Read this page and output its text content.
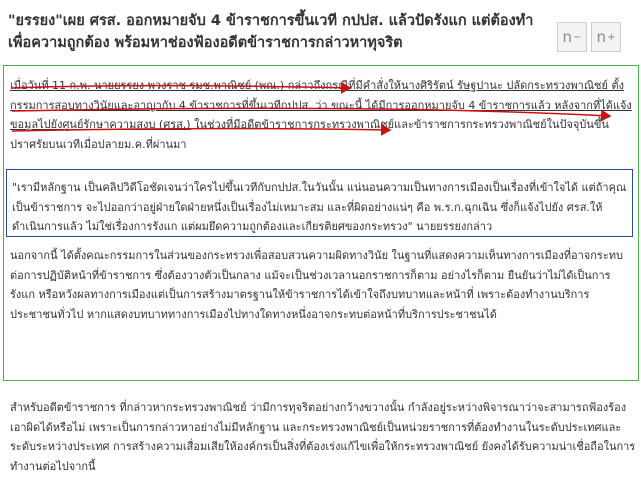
"ยรรยง"เผย ศรส. ออกหมายจับ 4 ข้าราชการขึ้นเวที กปปส. แล้วปัดรังแก แต่ต้องทำเพื่อความถูกต้อง พร้อมหาช่องฟ้องอดีตข้าราชการกล่าวหาทุจริต	n − n +

เมื่อวันที่ 11 ก.พ. นายยรรยง พวงราช รมช.พาณิชย์ (พณ.) กล่าวถึงกรณีที่มีคำสั่งให้นางศิริรัตน์ รัษฐปานะ ปลัดกระทรวงพาณิชย์ ตั้งกรรมการสอบทางวินัยและอาญากับ 4 ข้าราชการที่ขึ้นเวทีกปปส. ว่า ขณะนี้ ได้มีการออกหมายจับ 4 ข้าราชการแล้ว หลังจากที่ได้แจ้งขอมูลไปยังศูนย์รักษาความสงบ (ศรส.) ในช่วงที่มีอดีตข้าราชการกระทรวงพาณิชย์และข้าราชการกระทรวงพาณิชย์ในปัจจุบันขึ้นปราศรัยบนเวทีเมื่อปลายม.ค.ที่ผ่านมา

"เรามีหลักฐาน เป็นคลิปวิดีโอชัดเจนว่าใครไปขึ้นเวทีกับกปปส.ในวันนั้น แน่นอนความเป็นทางการเมืองเป็นเรื่องที่เข้าใจได้ แต่ถ้าคุณเป็นข้าราชการ จะไปออกว่าอยู่ฝ่ายใดฝ่ายหนึ่งเป็นเรื่องไม่เหมาะสม และที่ผิดอย่างแน่ๆ คือ พ.ร.ก.ฉุกเฉิน ซึ่งก็แจ้งไปยัง ศรส.ให้ดำเนินการแล้ว ไม่ใช่เรื่องการรังแก แต่ผมยึดความถูกต้องและเกียรติยศของกระทรวง" นายยรรยงกล่าว

นอกจากนี้ ได้ตั้งคณะกรรมการในส่วนของกระทรวงเพื่อสอบสวนความผิดทางวินัย ในฐานที่แสดงความเห็นทางการเมืองที่อาจกระทบต่อการปฏิบัติหน้าที่ข้าราชการ ซึ่งต้องวางตัวเป็นกลาง แม้จะเป็นช่วงเวลานอกราชการก็ตาม อย่างไรก็ตาม ยืนยันว่าไม่ได้เป็นการรังแก หรือหวังผลทางการเมืองแต่เป็นการสร้างมาตรฐานให้ข้าราชการได้เข้าใจถึงบทบาทและหน้าที่ เพราะต้องทำงานบริการประชาชนทั่วไป หากแสดงบทบาททางการเมืองไปทางใดทางหนึ่งอาจกระทบต่อหน้าที่บริการประชาชนได้

สำหรับอดีตข้าราชการ ที่กล่าวหากระทรวงพาณิชย์ ว่ามีการทุจริตอย่างกว้างขวางนั้น กำลังอยู่ระหว่างพิจารณาว่าจะสามารถฟ้องร้องเอาผิดได้หรือไม่ เพราะเป็นการกล่าวหาอย่างไม่มีหลักฐาน และกระทรวงพาณิชย์เป็นหน่วยราชการที่ต้องทำงานในระดับประเทศและระดับระหว่างประเทศ การสร้างความเสื่อมเสียให้องค์กรเป็นสิ่งที่ต้องเร่งแก้ไขเพื่อให้กระทรวงพาณิชย์ ยังคงได้รับความน่าเชื่อถือในการทำงานต่อไปจากนี้
